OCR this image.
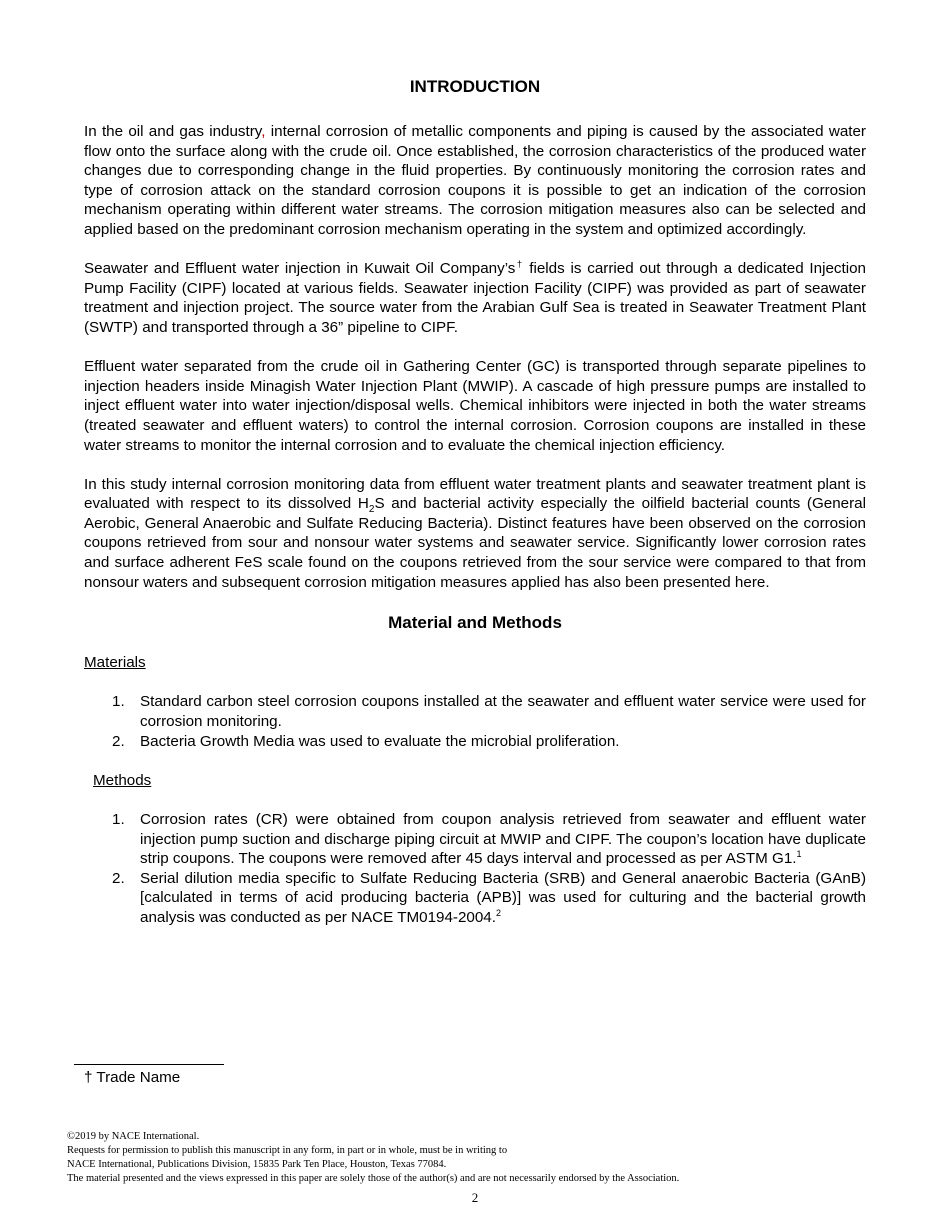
INTRODUCTION

In the oil and gas industry, internal corrosion of metallic components and piping is caused by the associated water flow onto the surface along with the crude oil. Once established, the corrosion characteristics of the produced water changes due to corresponding change in the fluid properties. By continuously monitoring the corrosion rates and type of corrosion attack on the standard corrosion coupons it is possible to get an indication of the corrosion mechanism operating within different water streams. The corrosion mitigation measures also can be selected and applied based on the predominant corrosion mechanism operating in the system and optimized accordingly.

Seawater and Effluent water injection in Kuwait Oil Company’s† fields is carried out through a dedicated Injection Pump Facility (CIPF) located at various fields. Seawater injection Facility (CIPF) was provided as part of seawater treatment and injection project. The source water from the Arabian Gulf Sea is treated in Seawater Treatment Plant (SWTP) and transported through a 36” pipeline to CIPF.

Effluent water separated from the crude oil in Gathering Center (GC) is transported through separate pipelines to injection headers inside Minagish Water Injection Plant (MWIP). A cascade of high pressure pumps are installed to inject effluent water into water injection/disposal wells. Chemical inhibitors were injected in both the water streams (treated seawater and effluent waters) to control the internal corrosion. Corrosion coupons are installed in these water streams to monitor the internal corrosion and to evaluate the chemical injection efficiency.

In this study internal corrosion monitoring data from effluent water treatment plants and seawater treatment plant is evaluated with respect to its dissolved $H_2S$ and bacterial activity especially the oilfield bacterial counts (General Aerobic, General Anaerobic and Sulfate Reducing Bacteria). Distinct features have been observed on the corrosion coupons retrieved from sour and nonsour water systems and seawater service. Significantly lower corrosion rates and surface adherent FeS scale found on the coupons retrieved from the sour service were compared to that from nonsour waters and subsequent corrosion mitigation measures applied has also been presented here.

Material and Methods

Materials

1. Standard carbon steel corrosion coupons installed at the seawater and effluent water service were used for corrosion monitoring.
2. Bacteria Growth Media was used to evaluate the microbial proliferation.

Methods

1. Corrosion rates (CR) were obtained from coupon analysis retrieved from seawater and effluent water injection pump suction and discharge piping circuit at MWIP and CIPF. The coupon’s location have duplicate strip coupons. The coupons were removed after 45 days interval and processed as per ASTM G1.$^1$
2. Serial dilution media specific to Sulfate Reducing Bacteria (SRB) and General anaerobic Bacteria (GAnB) [calculated in terms of acid producing bacteria (APB)] was used for culturing and the bacterial growth analysis was conducted as per NACE TM0194-2004.$^2$

† Trade Name

©2019 by NACE International.

Requests for permission to publish this manuscript in any form, in part or in whole, must be in writing to

NACE International, Publications Division, 15835 Park Ten Place, Houston, Texas 77084.

The material presented and the views expressed in this paper are solely those of the author(s) and are not necessarily endorsed by the Association.

2
